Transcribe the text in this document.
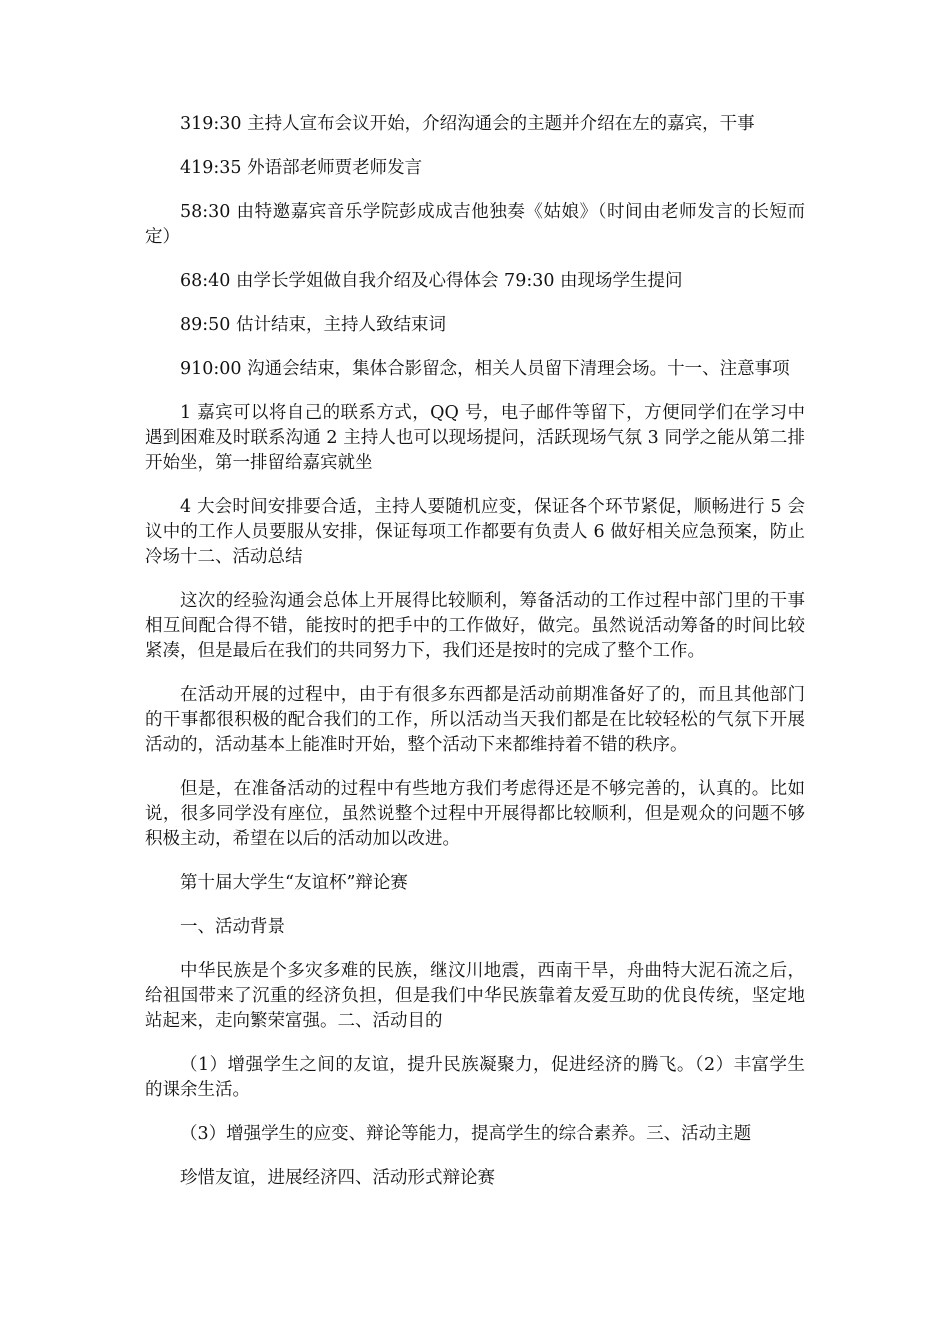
319:30 主持人宣布会议开始，介绍沟通会的主题并介绍在左的嘉宾，干事

419:35 外语部老师贾老师发言

58:30 由特邀嘉宾音乐学院彭成成吉他独奏《姑娘》（时间由老师发言的长短而定）

68:40 由学长学姐做自我介绍及心得体会 79:30 由现场学生提问

89:50 估计结束，主持人致结束词

910:00 沟通会结束，集体合影留念，相关人员留下清理会场。十一、注意事项

1 嘉宾可以将自己的联系方式，QQ 号，电子邮件等留下，方便同学们在学习中遇到困难及时联系沟通 2 主持人也可以现场提问，活跃现场气氛 3 同学之能从第二排开始坐，第一排留给嘉宾就坐

4 大会时间安排要合适，主持人要随机应变，保证各个环节紧促，顺畅进行 5 会议中的工作人员要服从安排，保证每项工作都要有负责人 6 做好相关应急预案，防止冷场十二、活动总结

这次的经验沟通会总体上开展得比较顺利，筹备活动的工作过程中部门里的干事相互间配合得不错，能按时的把手中的工作做好，做完。虽然说活动筹备的时间比较紧凑，但是最后在我们的共同努力下，我们还是按时的完成了整个工作。

在活动开展的过程中，由于有很多东西都是活动前期准备好了的，而且其他部门的干事都很积极的配合我们的工作，所以活动当天我们都是在比较轻松的气氛下开展活动的，活动基本上能准时开始，整个活动下来都维持着不错的秩序。

但是，在准备活动的过程中有些地方我们考虑得还是不够完善的，认真的。比如说，很多同学没有座位，虽然说整个过程中开展得都比较顺利，但是观众的问题不够积极主动，希望在以后的活动加以改进。

第十届大学生“友谊杯”辩论赛

一、活动背景

中华民族是个多灾多难的民族，继汶川地震，西南干旱，舟曲特大泥石流之后，给祖国带来了沉重的经济负担，但是我们中华民族靠着友爱互助的优良传统，坚定地站起来，走向繁荣富强。二、活动目的

（1）增强学生之间的友谊，提升民族凝聚力，促进经济的腾飞。（2）丰富学生的课余生活。

（3）增强学生的应变、辩论等能力，提高学生的综合素养。三、活动主题

珍惜友谊，进展经济四、活动形式辩论赛
